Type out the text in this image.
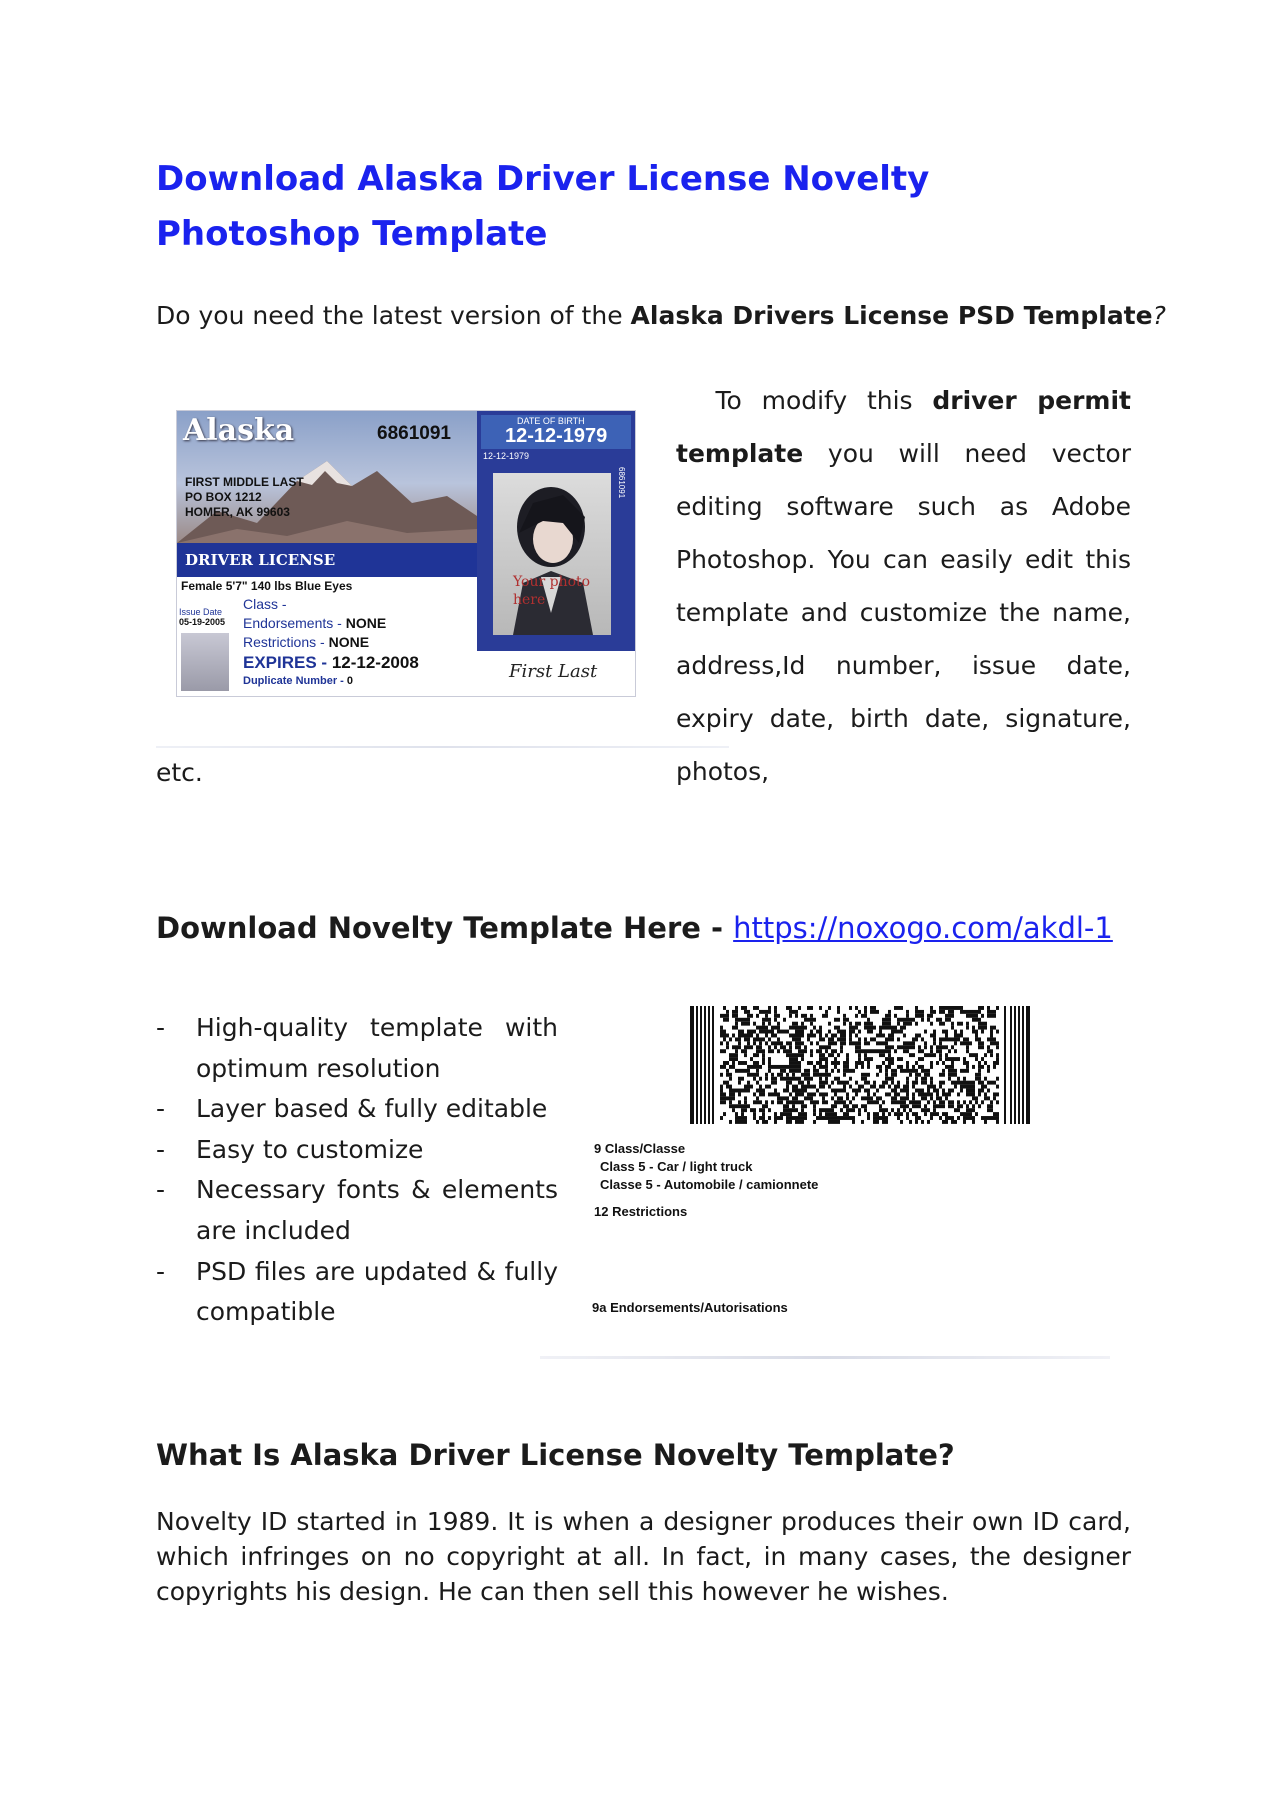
Download Alaska Driver License Novelty Photoshop Template

Do you need the latest version of the Alaska Drivers License PSD Template?

Alaska	6861091
FIRST MIDDLE LAST
PO BOX 1212
HOMER, AK 99603
DRIVER LICENSE
DATE OF BIRTH
12-12-1979
12-12-1979
Your photo here
6861091
Female 5'7" 140 lbs Blue Eyes
Issue Date
05-19-2005
Class -
Endorsements - NONE
Restrictions - NONE
EXPIRES - 12-12-2008
Duplicate Number - 0	First Last

To modify this driver permit template you will need vector editing software such as Adobe Photoshop. You can easily edit this template and customize the name, address,Id number, issue date, expiry date, birth date, signature, photos,

etc.

Download Novelty Template Here - https://noxogo.com/akdl-1
- High-quality template with optimum resolution
- Layer based & fully editable
- Easy to customize
- Necessary fonts & elements are included
- PSD files are updated & fully compatible
9 Class/Classe
Class 5 - Car / light truck
Classe 5 - Automobile / camionnete
12 Restrictions
9a Endorsements/Autorisations
What Is Alaska Driver License Novelty Template?

Novelty ID started in 1989. It is when a designer produces their own ID card, which infringes on no copyright at all. In fact, in many cases, the designer copyrights his design. He can then sell this however he wishes.
